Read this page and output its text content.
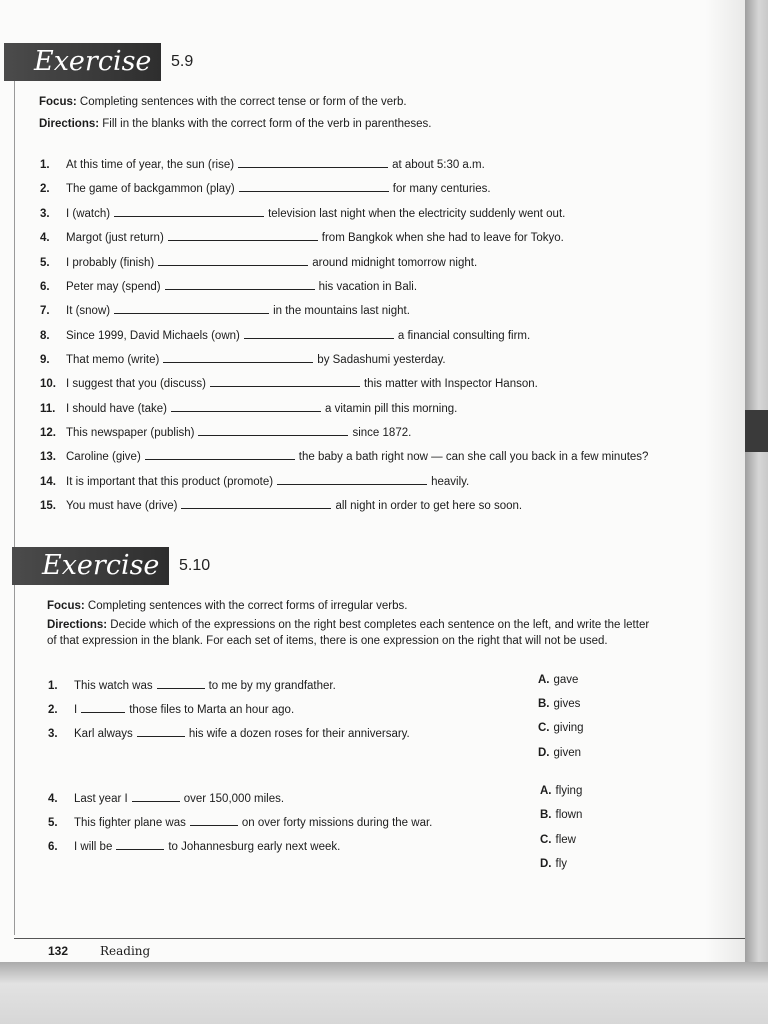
Exercise	5.9
Focus: Completing sentences with the correct tense or form of the verb.
Directions: Fill in the blanks with the correct form of the verb in parentheses.
1.	At this time of year, the sun (rise)	at about 5:30 a.m.
2.	The game of backgammon (play)	for many centuries.
3.	I (watch)	television last night when the electricity suddenly went out.
4.	Margot (just return)	from Bangkok when she had to leave for Tokyo.
5.	I probably (finish)	around midnight tomorrow night.
6.	Peter may (spend)	his vacation in Bali.
7.	It (snow)	in the mountains last night.
8.	Since 1999, David Michaels (own)	a financial consulting firm.
9.	That memo (write)	by Sadashumi yesterday.
10. I suggest that you (discuss)	this matter with Inspector Hanson.
11. I should have (take)	a vitamin pill this morning.
12. This newspaper (publish)	since 1872.
13. Caroline (give)	the baby a bath right now — can she call you back in a few minutes?
14. It is important that this product (promote)	heavily.
15. You must have (drive)	all night in order to get here so soon.
Exercise	5.10
Focus: Completing sentences with the correct forms of irregular verbs.
Directions: Decide which of the expressions on the right best completes each sentence on the left, and write the letter
of that expression in the blank. For each set of items, there is one expression on the right that will not be used.
1.	This watch was	to me by my grandfather.
2.	I	those files to Marta an hour ago.
3.	Karl always	his wife a dozen roses for their anniversary.
A. gave
B. gives
C. giving
D. given
4.	Last year I	over 150,000 miles.
5.	This fighter plane was	on over forty missions during the war.
6.	I will be	to Johannesburg early next week.
A. flying
B. flown
C. flew
D. fly
132	Reading
